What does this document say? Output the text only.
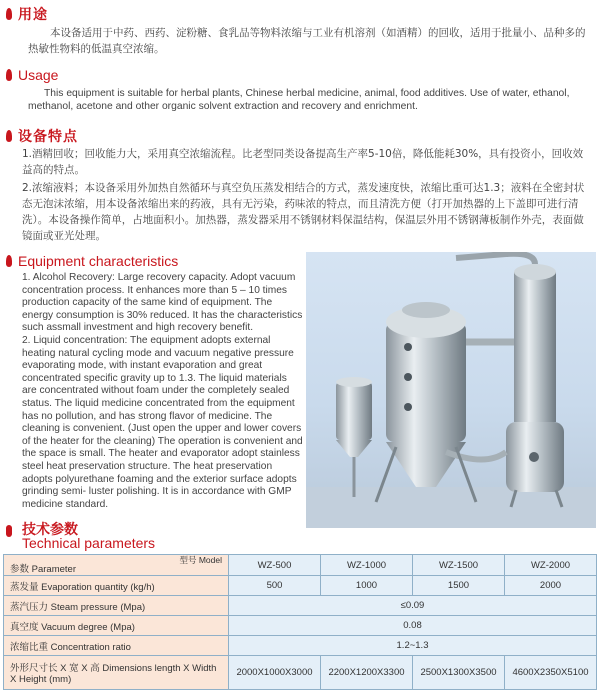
用途
本设备适用于中药、西药、淀粉糖、食乳品等物料浓缩与工业有机溶剂（如酒精）的回收，适用于批量小、品种多的热敏性物料的低温真空浓缩。
Usage
This equipment is suitable for herbal plants, Chinese herbal medicine, animal, food additives. Use of water, ethanol, methanol, acetone and other organic solvent extraction and recovery and enrichment.
设备特点
1.酒精回收；回收能力大，采用真空浓缩流程。比老型同类设备提高生产率5-10倍，降低能耗30%，具有投资小，回收效益高的特点。
2.浓缩液料；本设备采用外加热自然循环与真空负压蒸发相结合的方式，蒸发速度快，浓缩比重可达1.3；液料在全密封状态无泡沫浓缩，用本设备浓缩出来的药液，具有无污染，药味浓的特点，而且清洗方便（打开加热器的上下盖即可进行清洗）。本设备操作简单，占地面积小。加热器，蒸发器采用不锈钢材料保温结构，保温层外用不锈钢薄板制作外壳，表面做镜面或亚光处理。
Equipment characteristics
1. Alcohol Recovery: Large recovery capacity. Adopt vacuum concentration process. It enhances more than 5 – 10 times production capacity of the same kind of equipment. The energy consumption is 30% reduced. It has the characteristics such assmall investment and high recovery benefit.
2. Liquid concentration: The equipment adopts external heating natural cycling mode and vacuum negative pressure evaporating mode, with instant evaporation and great concentrated specific gravity up to 1.3. The liquid materials are concentrated without foam under the completely sealed status. The liquid medicine concentrated from the equipment has no pollution, and has strong flavor of medicine. The cleaning is convenient. (Just open the upper and lower covers of the heater for the cleaning) The operation is convenient and the space is small. The heater and evaporator adopt stainless steel heat preservation structure. The heat preservation adopts polyurethane foaming and the exterior surface adopts grinding semi- luster polishing. It is in accordance with GMP medicine standard.
技术参数
Technical parameters
型号 Model
参数 Parameter	WZ-500	WZ-1000	WZ-1500	WZ-2000
蒸发量 Evaporation quantity (kg/h)	500	1000	1500	2000
蒸汽压力 Steam pressure (Mpa)	≤0.09			
真空度 Vacuum degree (Mpa)	0.08			
浓缩比重 Concentration ratio	1.2~1.3			
外形尺寸长 X 宽 X 高 Dimensions length X Width X Height (mm)	2000X1000X3000	2200X1200X3300	2500X1300X3500	4600X2350X5100
